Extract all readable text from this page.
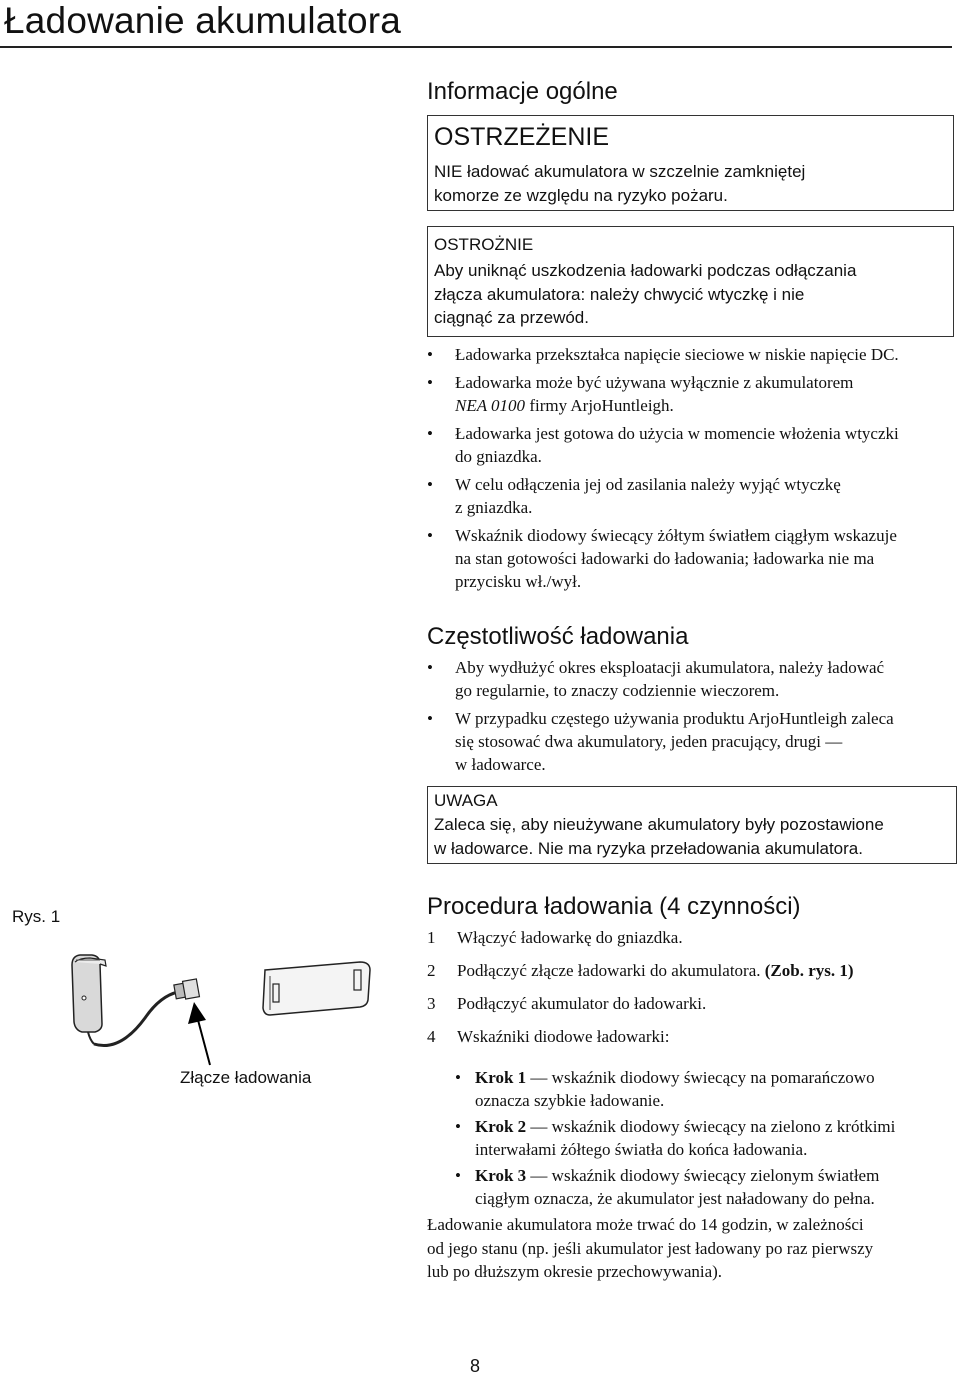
Ładowanie akumulatora
Informacje ogólne
OSTRZEŻENIE

NIE ładować akumulatora w szczelnie zamkniętej

komorze ze względu na ryzyko pożaru.

OSTROŻNIE

Aby uniknąć uszkodzenia ładowarki podczas odłączania

złącza akumulatora: należy chwycić wtyczkę i nie

ciągnąć za przewód.

• Ładowarka przekształca napięcie sieciowe w niskie napięcie DC.
• Ładowarka może być używana wyłącznie z akumulatorem
NEA 0100 firmy ArjoHuntleigh.
• Ładowarka jest gotowa do użycia w momencie włożenia wtyczki
do gniazdka.
• W celu odłączenia jej od zasilania należy wyjąć wtyczkę
z gniazdka.
• Wskaźnik diodowy świecący żółtym światłem ciągłym wskazuje
na stan gotowości ładowarki do ładowania; ładowarka nie ma
przycisku wł./wył.
Częstotliwość ładowania
• Aby wydłużyć okres eksploatacji akumulatora, należy ładować
go regularnie, to znaczy codziennie wieczorem.
• W przypadku częstego używania produktu ArjoHuntleigh zaleca
się stosować dwa akumulatory, jeden pracujący, drugi —
w ładowarce.
UWAGA

Zaleca się, aby nieużywane akumulatory były pozostawione

w ładowarce. Nie ma ryzyka przeładowania akumulatora.

Rys. 1
Złącze ładowania
Procedura ładowania (4 czynności)
1 Włączyć ładowarkę do gniazdka.
2 Podłączyć złącze ładowarki do akumulatora. (Zob. rys. 1)
3 Podłączyć akumulator do ładowarki.
4 Wskaźniki diodowe ładowarki:
• Krok 1 — wskaźnik diodowy świecący na pomarańczowo
oznacza szybkie ładowanie.
• Krok 2 — wskaźnik diodowy świecący na zielono z krótkimi
interwałami żółtego światła do końca ładowania.
• Krok 3 — wskaźnik diodowy świecący zielonym światłem
ciągłym oznacza, że akumulator jest naładowany do pełna.
Ładowanie akumulatora może trwać do 14 godzin, w zależności
od jego stanu (np. jeśli akumulator jest ładowany po raz pierwszy
lub po dłuższym okresie przechowywania).
8
